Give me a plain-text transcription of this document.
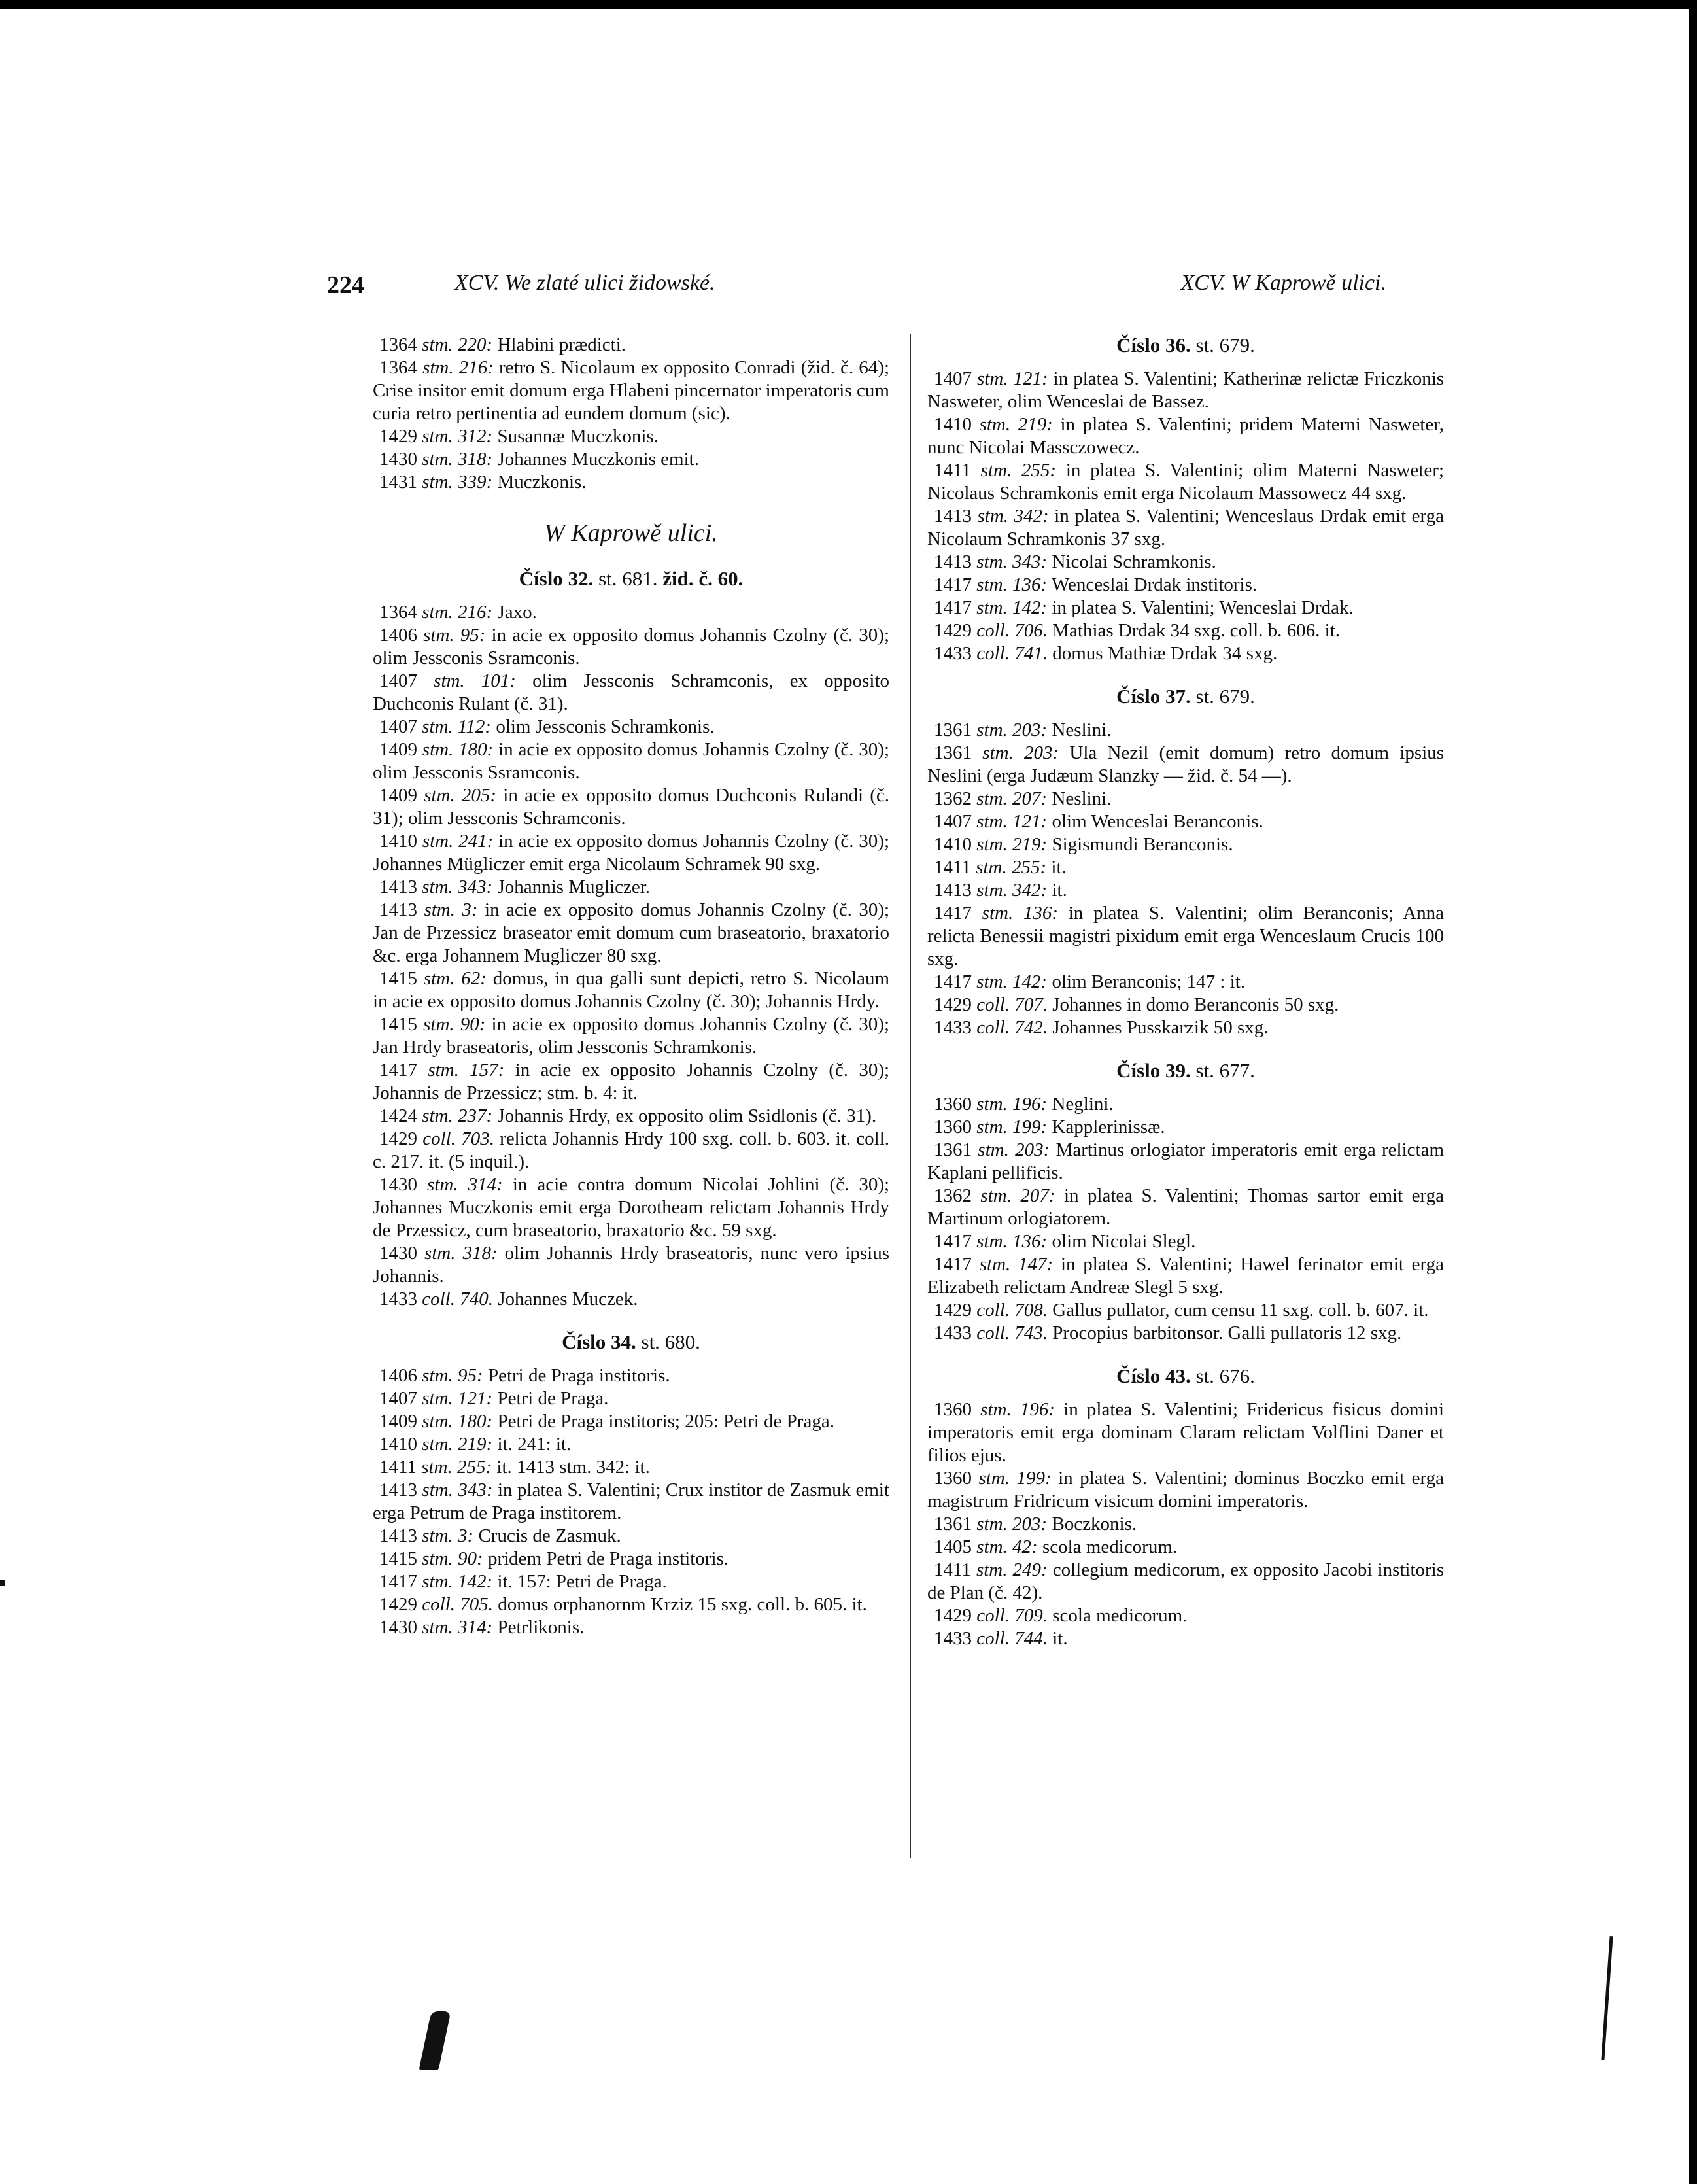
224	XCV. We zlaté ulici židowské.	XCV. W Kaprowě ulici.

1364 stm. 220: Hlabini prædicti.

1364 stm. 216: retro S. Nicolaum ex opposito Conradi (žid. č. 64); Crise insitor emit domum erga Hlabeni pincernator imperatoris cum curia retro pertinentia ad eundem domum (sic).

1429 stm. 312: Susannæ Muczkonis.

1430 stm. 318: Johannes Muczkonis emit.

1431 stm. 339: Muczkonis.

W Kaprowě ulici.
Číslo 32. st. 681. žid. č. 60.

1364 stm. 216: Jaxo.

1406 stm. 95: in acie ex opposito domus Johannis Czolny (č. 30); olim Jessconis Ssramconis.

1407 stm. 101: olim Jessconis Schramconis, ex opposito Duchconis Rulant (č. 31).

1407 stm. 112: olim Jessconis Schramkonis.

1409 stm. 180: in acie ex opposito domus Johannis Czolny (č. 30); olim Jessconis Ssramconis.

1409 stm. 205: in acie ex opposito domus Duchconis Rulandi (č. 31); olim Jessconis Schramconis.

1410 stm. 241: in acie ex opposito domus Johannis Czolny (č. 30); Johannes Mügliczer emit erga Nicolaum Schramek 90 sxg.

1413 stm. 343: Johannis Mugliczer.

1413 stm. 3: in acie ex opposito domus Johannis Czolny (č. 30); Jan de Przessicz braseator emit domum cum braseatorio, braxatorio &c. erga Johannem Mugliczer 80 sxg.

1415 stm. 62: domus, in qua galli sunt depicti, retro S. Nicolaum in acie ex opposito domus Johannis Czolny (č. 30); Johannis Hrdy.

1415 stm. 90: in acie ex opposito domus Johannis Czolny (č. 30); Jan Hrdy braseatoris, olim Jessconis Schramkonis.

1417 stm. 157: in acie ex opposito Johannis Czolny (č. 30); Johannis de Przessicz; stm. b. 4: it.

1424 stm. 237: Johannis Hrdy, ex opposito olim Ssidlonis (č. 31).

1429 coll. 703. relicta Johannis Hrdy 100 sxg. coll. b. 603. it. coll. c. 217. it. (5 inquil.).

1430 stm. 314: in acie contra domum Nicolai Johlini (č. 30); Johannes Muczkonis emit erga Dorotheam relictam Johannis Hrdy de Przessicz, cum braseatorio, braxatorio &c. 59 sxg.

1430 stm. 318: olim Johannis Hrdy braseatoris, nunc vero ipsius Johannis.

1433 coll. 740. Johannes Muczek.

Číslo 34. st. 680.

1406 stm. 95: Petri de Praga institoris.

1407 stm. 121: Petri de Praga.

1409 stm. 180: Petri de Praga institoris; 205: Petri de Praga.

1410 stm. 219: it. 241: it.

1411 stm. 255: it. 1413 stm. 342: it.

1413 stm. 343: in platea S. Valentini; Crux institor de Zasmuk emit erga Petrum de Praga institorem.

1413 stm. 3: Crucis de Zasmuk.

1415 stm. 90: pridem Petri de Praga institoris.

1417 stm. 142: it. 157: Petri de Praga.

1429 coll. 705. domus orphanornm Krziz 15 sxg. coll. b. 605. it.

1430 stm. 314: Petrlikonis.

Číslo 36. st. 679.

1407 stm. 121: in platea S. Valentini; Katherinæ relictæ Friczkonis Nasweter, olim Wenceslai de Bassez.

1410 stm. 219: in platea S. Valentini; pridem Materni Nasweter, nunc Nicolai Massczowecz.

1411 stm. 255: in platea S. Valentini; olim Materni Nasweter; Nicolaus Schramkonis emit erga Nicolaum Massowecz 44 sxg.

1413 stm. 342: in platea S. Valentini; Wenceslaus Drdak emit erga Nicolaum Schramkonis 37 sxg.

1413 stm. 343: Nicolai Schramkonis.

1417 stm. 136: Wenceslai Drdak institoris.

1417 stm. 142: in platea S. Valentini; Wenceslai Drdak.

1429 coll. 706. Mathias Drdak 34 sxg. coll. b. 606. it.

1433 coll. 741. domus Mathiæ Drdak 34 sxg.

Číslo 37. st. 679.

1361 stm. 203: Neslini.

1361 stm. 203: Ula Nezil (emit domum) retro domum ipsius Neslini (erga Judæum Slanzky — žid. č. 54 —).

1362 stm. 207: Neslini.

1407 stm. 121: olim Wenceslai Beranconis.

1410 stm. 219: Sigismundi Beranconis.

1411 stm. 255: it.

1413 stm. 342: it.

1417 stm. 136: in platea S. Valentini; olim Beranconis; Anna relicta Benessii magistri pixidum emit erga Wenceslaum Crucis 100 sxg.

1417 stm. 142: olim Beranconis; 147 : it.

1429 coll. 707. Johannes in domo Beranconis 50 sxg.

1433 coll. 742. Johannes Pusskarzik 50 sxg.

Číslo 39. st. 677.

1360 stm. 196: Neglini.

1360 stm. 199: Kapplerinissæ.

1361 stm. 203: Martinus orlogiator imperatoris emit erga relictam Kaplani pellificis.

1362 stm. 207: in platea S. Valentini; Thomas sartor emit erga Martinum orlogiatorem.

1417 stm. 136: olim Nicolai Slegl.

1417 stm. 147: in platea S. Valentini; Hawel ferinator emit erga Elizabeth relictam Andreæ Slegl 5 sxg.

1429 coll. 708. Gallus pullator, cum censu 11 sxg. coll. b. 607. it.

1433 coll. 743. Procopius barbitonsor. Galli pullatoris 12 sxg.

Číslo 43. st. 676.

1360 stm. 196: in platea S. Valentini; Fridericus fisicus domini imperatoris emit erga dominam Claram relictam Volflini Daner et filios ejus.

1360 stm. 199: in platea S. Valentini; dominus Boczko emit erga magistrum Fridricum visicum domini imperatoris.

1361 stm. 203: Boczkonis.

1405 stm. 42: scola medicorum.

1411 stm. 249: collegium medicorum, ex opposito Jacobi institoris de Plan (č. 42).

1429 coll. 709. scola medicorum.

1433 coll. 744. it.
